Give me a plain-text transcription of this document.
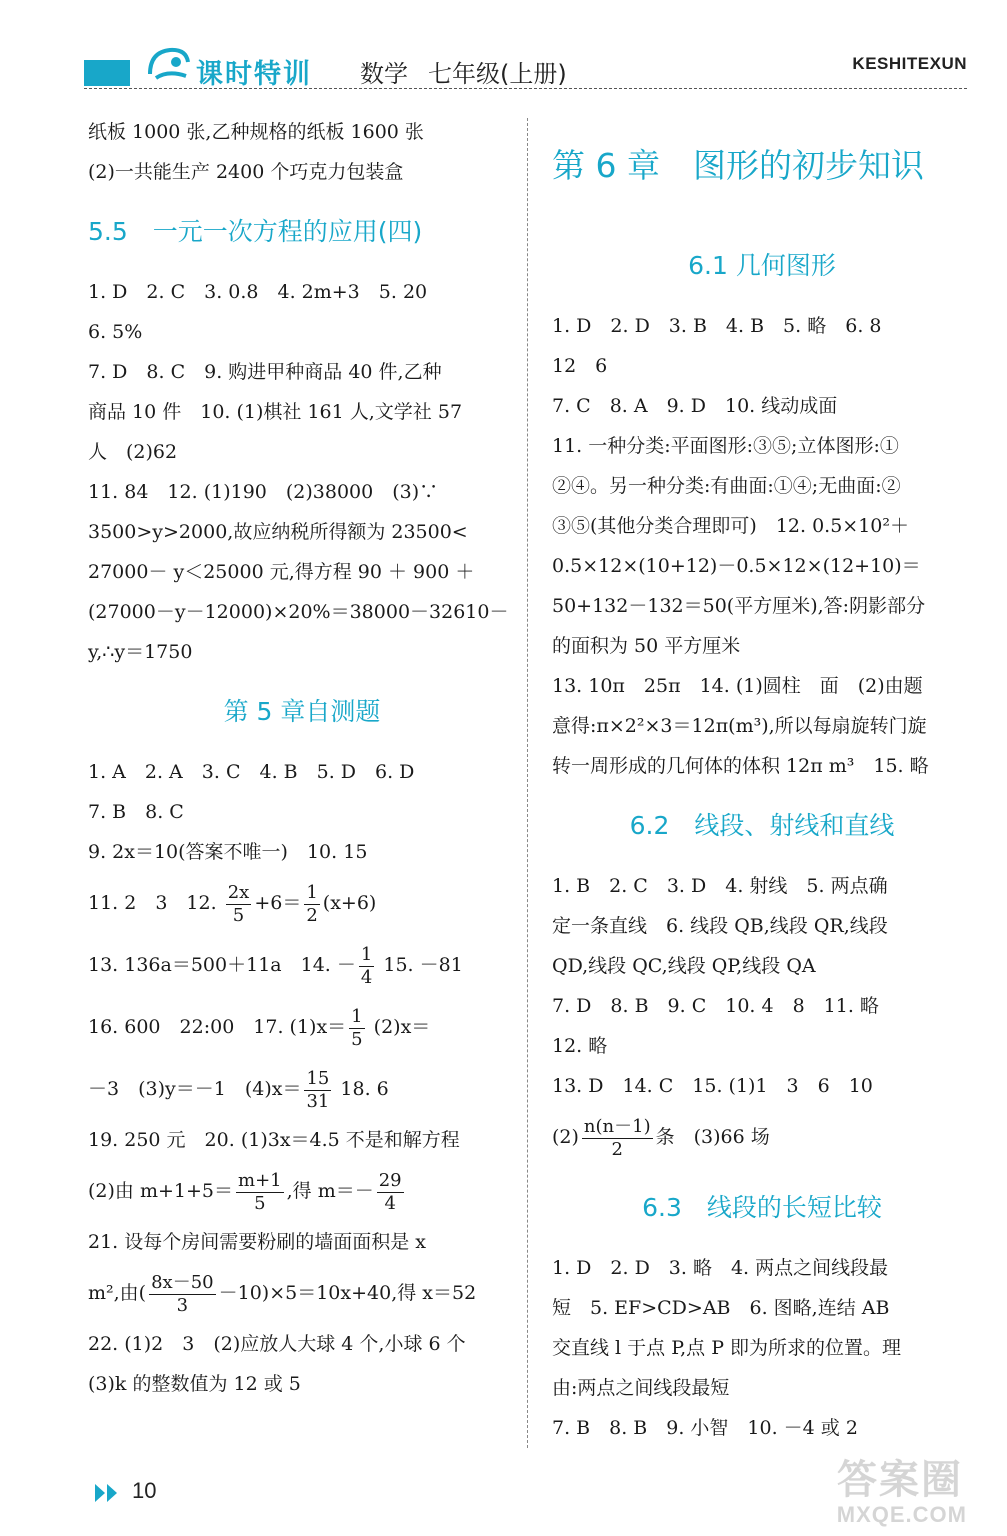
课时特训 数学 七年级(上册)	KESHITEXUN
纸板 1000 张,乙种规格的纸板 1600 张
(2)一共能生产 2400 个巧克力包装盒
5.5　一元一次方程的应用(四)
1. D　2. C　3. 0.8　4. 2m+3　5. 20
6. 5%
7. D　8. C　9. 购进甲种商品 40 件,乙种
商品 10 件　10. (1)棋社 161 人,文学社 57
人　(2)62
11. 84　12. (1)190　(2)38000　(3)∵
3500>y>2000,故应纳税所得额为 23500<
27000－ y＜25000 元,得方程 90 ＋ 900 ＋
(27000－y－12000)×20%＝38000－32610－
y,∴y＝1750
第 5 章自测题
1. A　2. A　3. C　4. B　5. D　6. D
7. B　8. C
9. 2x＝10(答案不唯一)　10. 15
11. 2　3　12. $\frac{2x}{5} +6= \frac{1}{2} (x+6)$
13. 136a＝500＋11a　14. － $\frac{1}{4} 15$. －81
16. 600　22:00　17. $(1)x= \frac{1}{5} (2)x=$
－3　(3)y＝－1　$(4)x= \frac{15}{31} 18$. 6
19. 250 元　20. (1)3x＝4.5 不是和解方程
(2)由 $m+1+5= \frac{m+1}{5}$ ,得 $m=- \frac{29}{4}$
21. 设每个房间需要粉刷的墙面面积是 x
m²,由( $\frac{8x-50}{3} -10)\times 5=10x+40$,得 x＝52
22. (1)2　3　(2)应放人大球 4 个,小球 6 个
(3)k 的整数值为 12 或 5
第 6 章　图形的初步知识
6.1 几何图形
1. D　2. D　3. B　4. B　5. 略　6. 8
12　6
7. C　8. A　9. D　10. 线动成面
11. 一种分类:平面图形:③⑤;立体图形:①
②④。另一种分类:有曲面:①④;无曲面:②
③⑤(其他分类合理即可)　12. 0.5×10²＋
0.5×12×(10+12)－0.5×12×(12+10)＝
50+132－132＝50(平方厘米),答:阴影部分
的面积为 50 平方厘米
13. 10π　25π　14. (1)圆柱　面　(2)由题
意得:π×2²×3＝12π(m³),所以每扇旋转门旋
转一周形成的几何体的体积 12π m³　15. 略
6.2　线段、射线和直线
1. B　2. C　3. D　4. 射线　5. 两点确
定一条直线　6. 线段 QB,线段 QR,线段
QD,线段 QC,线段 QP,线段 QA
7. D　8. B　9. C　10. 4　8　11. 略
12. 略
13. D　14. C　15. (1)1　3　6　10
$(2) \frac{n(n-1)}{2}$ 条　(3)66 场
6.3　线段的长短比较
1. D　2. D　3. 略　4. 两点之间线段最
短　5. EF>CD>AB　6. 图略,连结 AB
交直线 l 于点 P,点 P 即为所求的位置。理
由:两点之间线段最短
7. B　8. B　9. 小智　10. －4 或 2
10	答案圈
MXQE.COM
